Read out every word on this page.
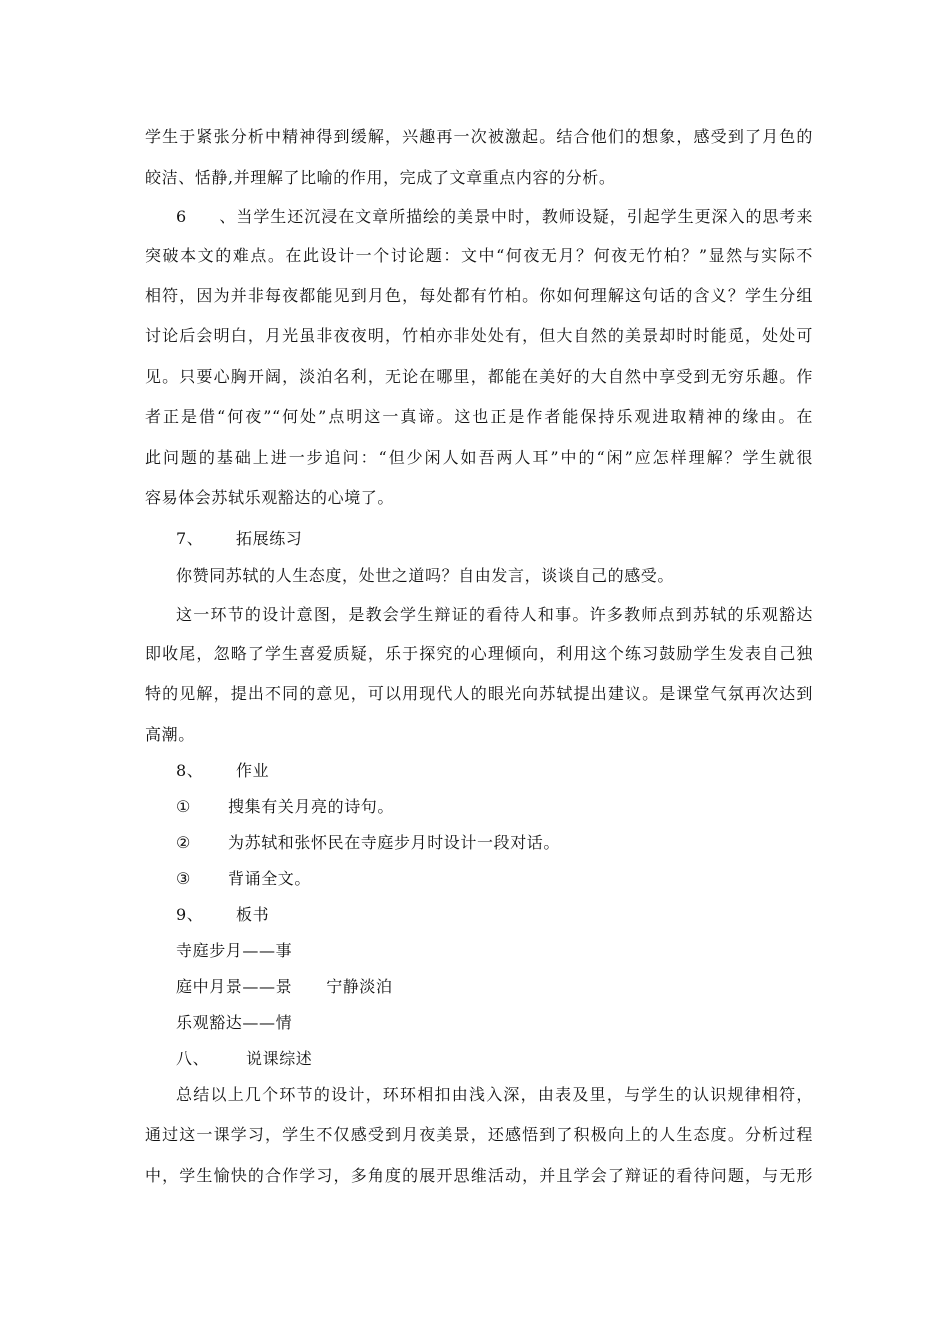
学生于紧张分析中精神得到缓解，兴趣再一次被激起。结合他们的想象，感受到了月色的
皎洁、恬静,并理解了比喻的作用，完成了文章重点内容的分析。
6、当学生还沉浸在文章所描绘的美景中时，教师设疑，引起学生更深入的思考来
突破本文的难点。在此设计一个讨论题：文中“何夜无月？何夜无竹柏？”显然与实际不
相符，因为并非每夜都能见到月色，每处都有竹柏。你如何理解这句话的含义？学生分组
讨论后会明白，月光虽非夜夜明，竹柏亦非处处有，但大自然的美景却时时能觅，处处可
见。只要心胸开阔，淡泊名利，无论在哪里，都能在美好的大自然中享受到无穷乐趣。作
者正是借“何夜”“何处”点明这一真谛。这也正是作者能保持乐观进取精神的缘由。在
此问题的基础上进一步追问：“但少闲人如吾两人耳”中的“闲”应怎样理解？学生就很
容易体会苏轼乐观豁达的心境了。
7、 拓展练习
你赞同苏轼的人生态度，处世之道吗？自由发言，谈谈自己的感受。
这一环节的设计意图，是教会学生辩证的看待人和事。许多教师点到苏轼的乐观豁达
即收尾，忽略了学生喜爱质疑，乐于探究的心理倾向，利用这个练习鼓励学生发表自己独
特的见解，提出不同的意见，可以用现代人的眼光向苏轼提出建议。是课堂气氛再次达到
高潮。
8、 作业
① 搜集有关月亮的诗句。
② 为苏轼和张怀民在寺庭步月时设计一段对话。
③ 背诵全文。
9、 板书
寺庭步月——事
庭中月景——景 宁静淡泊
乐观豁达——情
八、 说课综述
总结以上几个环节的设计，环环相扣由浅入深，由表及里，与学生的认识规律相符，
通过这一课学习，学生不仅感受到月夜美景，还感悟到了积极向上的人生态度。分析过程
中，学生愉快的合作学习，多角度的展开思维活动，并且学会了辩证的看待问题，与无形
